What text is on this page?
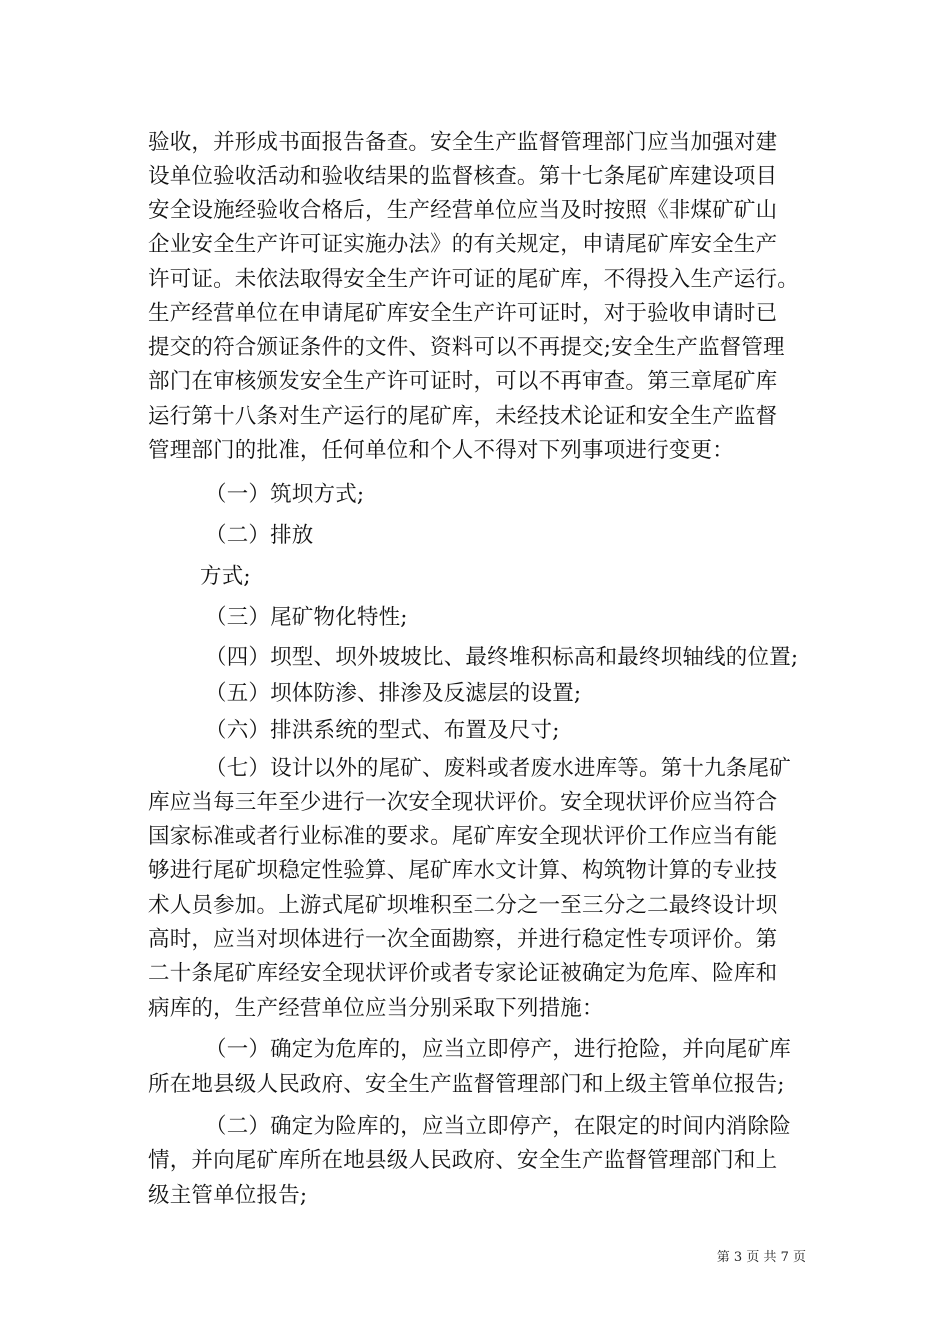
验收，并形成书面报告备查。安全生产监督管理部门应当加强对建
设单位验收活动和验收结果的监督核查。第十七条尾矿库建设项目
安全设施经验收合格后，生产经营单位应当及时按照《非煤矿矿山
企业安全生产许可证实施办法》的有关规定，申请尾矿库安全生产
许可证。未依法取得安全生产许可证的尾矿库，不得投入生产运行。
生产经营单位在申请尾矿库安全生产许可证时，对于验收申请时已
提交的符合颁证条件的文件、资料可以不再提交;安全生产监督管理
部门在审核颁发安全生产许可证时，可以不再审查。第三章尾矿库
运行第十八条对生产运行的尾矿库，未经技术论证和安全生产监督
管理部门的批准，任何单位和个人不得对下列事项进行变更：
（一）筑坝方式;
（二）排放
方式;
（三）尾矿物化特性;
（四）坝型、坝外坡坡比、最终堆积标高和最终坝轴线的位置;
（五）坝体防渗、排渗及反滤层的设置;
（六）排洪系统的型式、布置及尺寸;
（七）设计以外的尾矿、废料或者废水进库等。第十九条尾矿
库应当每三年至少进行一次安全现状评价。安全现状评价应当符合
国家标准或者行业标准的要求。尾矿库安全现状评价工作应当有能
够进行尾矿坝稳定性验算、尾矿库水文计算、构筑物计算的专业技
术人员参加。上游式尾矿坝堆积至二分之一至三分之二最终设计坝
高时，应当对坝体进行一次全面勘察，并进行稳定性专项评价。第
二十条尾矿库经安全现状评价或者专家论证被确定为危库、险库和
病库的，生产经营单位应当分别采取下列措施：
（一）确定为危库的，应当立即停产，进行抢险，并向尾矿库
所在地县级人民政府、安全生产监督管理部门和上级主管单位报告;
（二）确定为险库的，应当立即停产，在限定的时间内消除险
情，并向尾矿库所在地县级人民政府、安全生产监督管理部门和上
级主管单位报告;
第 3 页 共 7 页
